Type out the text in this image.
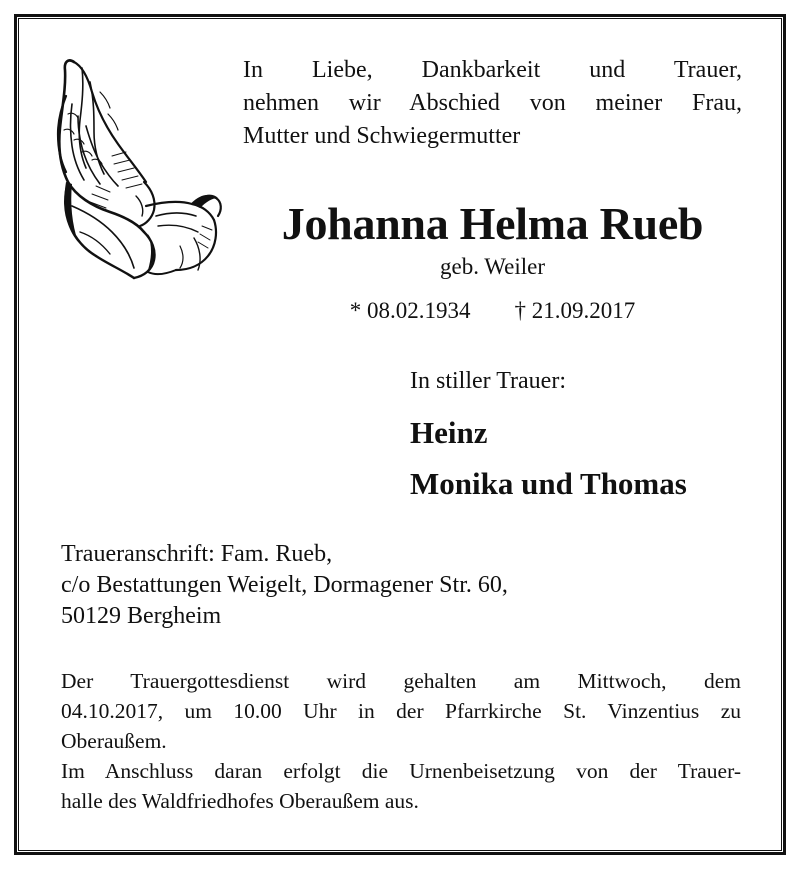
In Liebe, Dankbarkeit und Trauer,
nehmen wir Abschied von meiner Frau,
Mutter und Schwiegermutter
Johanna Helma Rueb
geb. Weiler
* 08.02.1934 † 21.09.2017
In stiller Trauer:
Heinz
Monika und Thomas
Traueranschrift: Fam. Rueb,
c/o Bestattungen Weigelt, Dormagener Str. 60,
50129 Bergheim
Der Trauergottesdienst wird gehalten am Mittwoch, dem
04.10.2017, um 10.00 Uhr in der Pfarrkirche St. Vinzentius zu
Oberaußem.
Im Anschluss daran erfolgt die Urnenbeisetzung von der Trauer-
halle des Waldfriedhofes Oberaußem aus.
